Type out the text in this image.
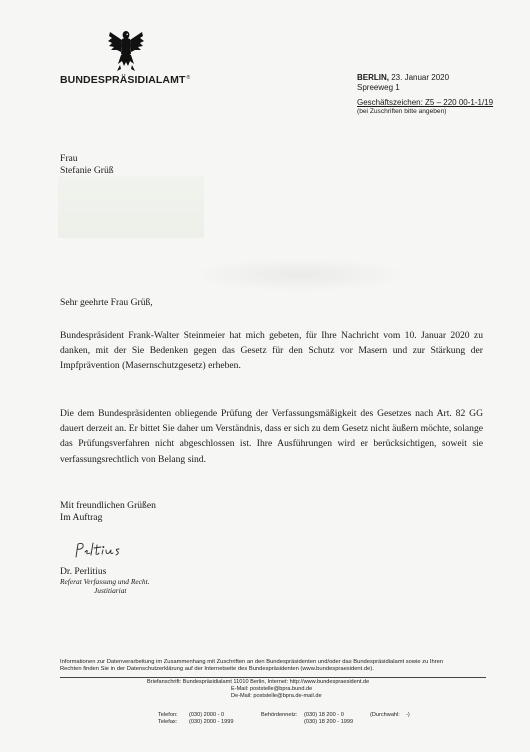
BUNDESPRÄSIDIALAMT®	BERLIN, 23. Januar 2020
Spreeweg 1
Geschäftszeichen: Z5 – 220 00-1-1/19
(bei Zuschriften bitte angeben)
Frau
Stefanie Grüß
Sehr geehrte Frau Grüß,
Bundespräsident Frank-Walter Steinmeier hat mich gebeten, für Ihre Nachricht vom 10. Januar 2020 zu danken, mit der Sie Bedenken gegen das Gesetz für den Schutz vor Masern und zur Stärkung der Impfprävention (Masernschutzgesetz) erheben.
Die dem Bundespräsidenten obliegende Prüfung der Verfassungsmäßigkeit des Gesetzes nach Art. 82 GG dauert derzeit an. Er bittet Sie daher um Verständnis, dass er sich zu dem Gesetz nicht äußern möchte, solange das Prüfungsverfahren nicht abgeschlossen ist. Ihre Ausführungen wird er berücksichtigen, soweit sie verfassungsrechtlich von Belang sind.
Mit freundlichen Grüßen
Im Auftrag
Dr. Perlitius
Referat Verfassung und Recht.
Justitiariat
Informationen zur Datenverarbeitung im Zusammenhang mit Zuschriften an den Bundespräsidenten und/oder das Bundespräsidialamt sowie zu Ihren
Rechten finden Sie in der Datenschutzerklärung auf der Internetseite des Bundespräsidenten (www.bundespraesident.de).
Briefanschrift: Bundespräsidialamt 11010 Berlin, Internet: http://www.bundespraesident.de
E-Mail: poststelle@bpra.bund.de
De-Mail: poststelle@bpra.de-mail.de
Telefon: (030) 2000 - 0	Behördennetz: (030) 18 200 - 0	(Durchwahl: -)
Telefax: (030) 2000 - 1999	(030) 18 200 - 1999
